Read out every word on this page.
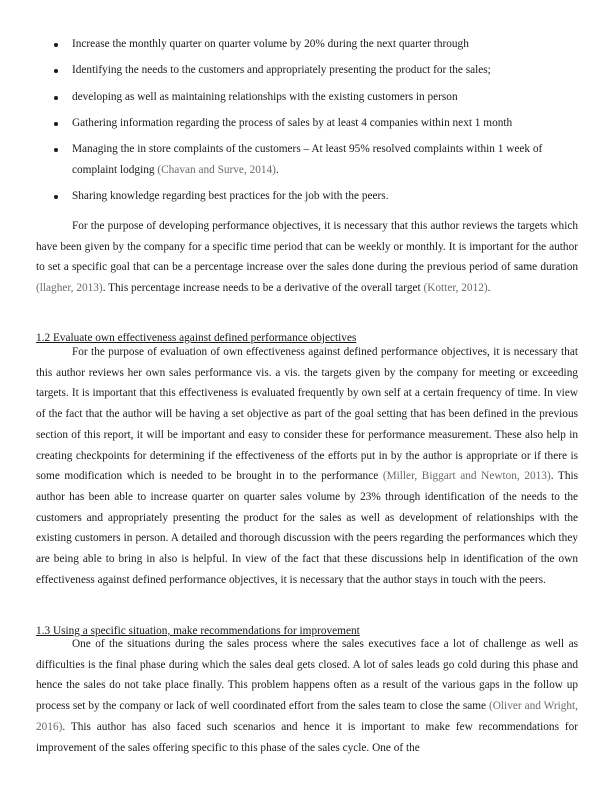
Increase the monthly quarter on quarter volume by 20% during the next quarter through
Identifying the needs to the customers and appropriately presenting the product for the sales;
developing as well as maintaining relationships with the existing customers in person
Gathering information regarding the process of sales by at least 4 companies within next 1 month
Managing the in store complaints of the customers – At least 95% resolved complaints within 1 week of complaint lodging (Chavan and Surve, 2014).
Sharing knowledge regarding best practices for the job with the peers.

For the purpose of developing performance objectives, it is necessary that this author reviews the targets which have been given by the company for a specific time period that can be weekly or monthly. It is important for the author to set a specific goal that can be a percentage increase over the sales done during the previous period of same duration (llagher, 2013). This percentage increase needs to be a derivative of the overall target (Kotter, 2012).

1.2 Evaluate own effectiveness against defined performance objectives

For the purpose of evaluation of own effectiveness against defined performance objectives, it is necessary that this author reviews her own sales performance vis. a vis. the targets given by the company for meeting or exceeding targets. It is important that this effectiveness is evaluated frequently by own self at a certain frequency of time. In view of the fact that the author will be having a set objective as part of the goal setting that has been defined in the previous section of this report, it will be important and easy to consider these for performance measurement. These also help in creating checkpoints for determining if the effectiveness of the efforts put in by the author is appropriate or if there is some modification which is needed to be brought in to the performance (Miller, Biggart and Newton, 2013). This author has been able to increase quarter on quarter sales volume by 23% through identification of the needs to the customers and appropriately presenting the product for the sales as well as development of relationships with the existing customers in person. A detailed and thorough discussion with the peers regarding the performances which they are being able to bring in also is helpful. In view of the fact that these discussions help in identification of the own effectiveness against defined performance objectives, it is necessary that the author stays in touch with the peers.

1.3 Using a specific situation, make recommendations for improvement

One of the situations during the sales process where the sales executives face a lot of challenge as well as difficulties is the final phase during which the sales deal gets closed. A lot of sales leads go cold during this phase and hence the sales do not take place finally. This problem happens often as a result of the various gaps in the follow up process set by the company or lack of well coordinated effort from the sales team to close the same (Oliver and Wright, 2016). This author has also faced such scenarios and hence it is important to make few recommendations for improvement of the sales offering specific to this phase of the sales cycle. One of the
